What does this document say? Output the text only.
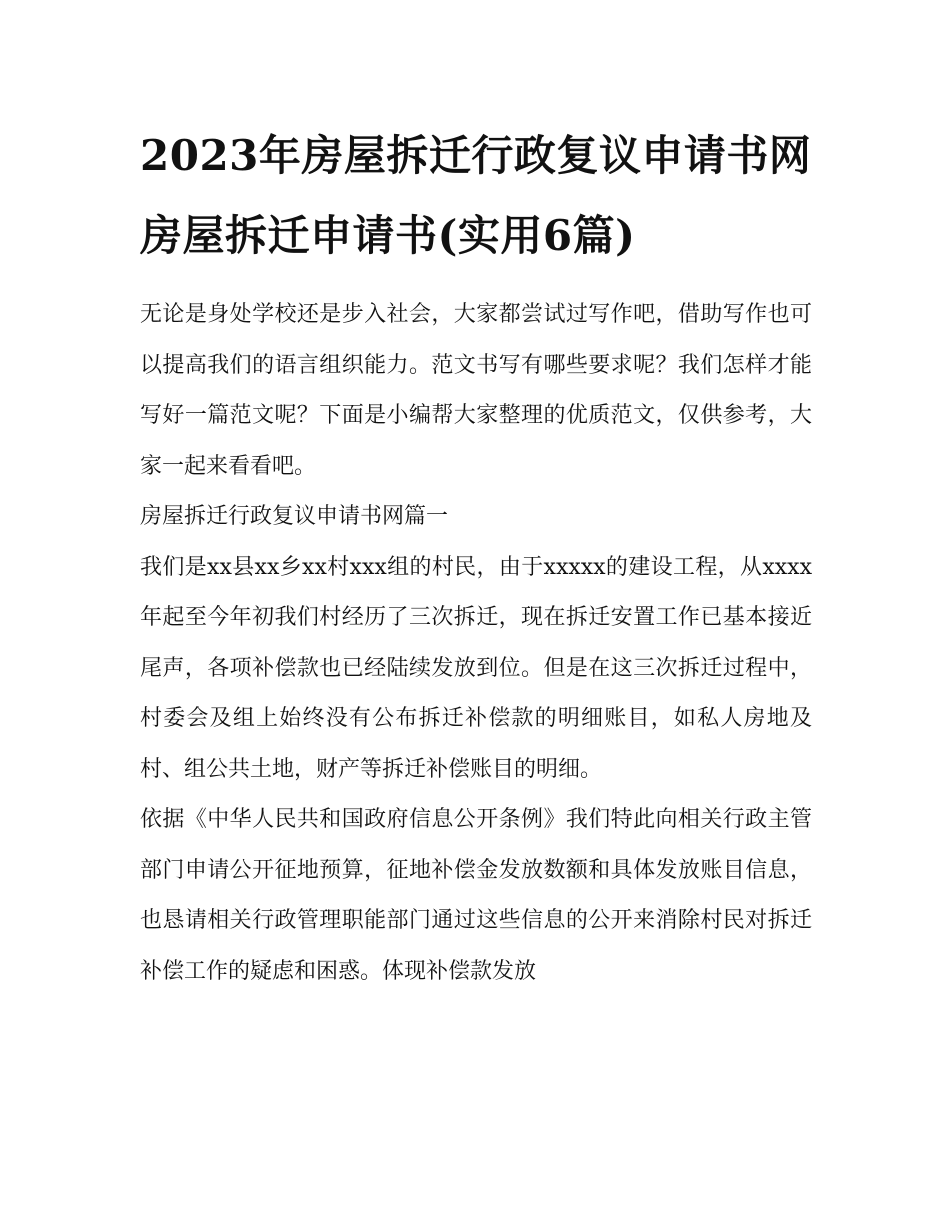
2023年房屋拆迁行政复议申请书网 房屋拆迁申请书(实用6篇)

无论是身处学校还是步入社会，大家都尝试过写作吧，借助写作也可以提高我们的语言组织能力。范文书写有哪些要求呢？我们怎样才能写好一篇范文呢？下面是小编帮大家整理的优质范文，仅供参考，大家一起来看看吧。

房屋拆迁行政复议申请书网篇一

我们是xx县xx乡xx村xxx组的村民，由于xxxxx的建设工程，从xxxx年起至今年初我们村经历了三次拆迁，现在拆迁安置工作已基本接近尾声，各项补偿款也已经陆续发放到位。但是在这三次拆迁过程中，村委会及组上始终没有公布拆迁补偿款的明细账目，如私人房地及村、组公共土地，财产等拆迁补偿账目的明细。

依据《中华人民共和国政府信息公开条例》我们特此向相关行政主管部门申请公开征地预算，征地补偿金发放数额和具体发放账目信息，也恳请相关行政管理职能部门通过这些信息的公开来消除村民对拆迁补偿工作的疑虑和困惑。体现补偿款发放
